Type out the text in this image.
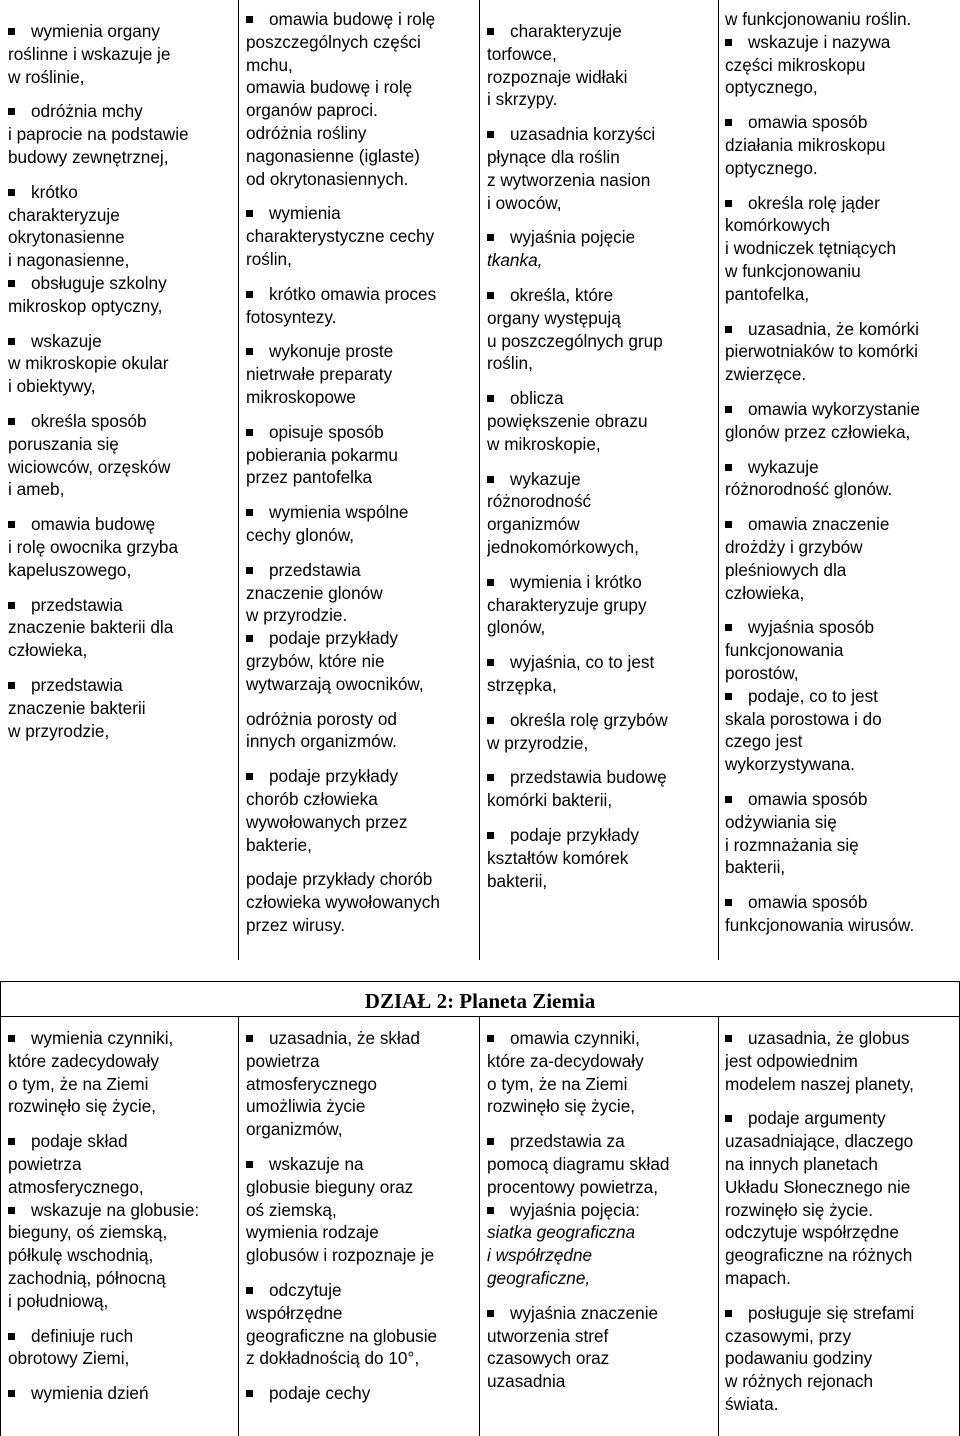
wymienia organy
roślinne i wskazuje je
w roślinie,
odróżnia mchy
i paprocie na podstawie
budowy zewnętrznej,
krótko
charakteryzuje
okrytonasienne
i nagonasienne,
obsługuje szkolny
mikroskop optyczny,
wskazuje
w mikroskopie okular
i obiektywy,
określa sposób
poruszania się
wiciowców, orzęsków
i ameb,
omawia budowę
i rolę owocnika grzyba
kapeluszowego,
przedstawia
znaczenie bakterii dla
człowieka,
przedstawia
znaczenie bakterii
w przyrodzie,
omawia budowę i rolę
poszczególnych części
mchu,
omawia budowę i rolę
organów paproci.
odróżnia rośliny
nagonasienne (iglaste)
od okrytonasiennych.
wymienia
charakterystyczne cechy
roślin,
krótko omawia proces
fotosyntezy.
wykonuje proste
nietrwałe preparaty
mikroskopowe
opisuje sposób
pobierania pokarmu
przez pantofelka
wymienia wspólne
cechy glonów,
przedstawia
znaczenie glonów
w przyrodzie.
podaje przykłady
grzybów, które nie
wytwarzają owocników,
odróżnia porosty od
innych organizmów.
podaje przykłady
chorób człowieka
wywołowanych przez
bakterie,
podaje przykłady chorób
człowieka wywołowanych
przez wirusy.
charakteryzuje
torfowce,
rozpoznaje widłaki
i skrzypy.
uzasadnia korzyści
płynące dla roślin
z wytworzenia nasion
i owoców,
wyjaśnia pojęcie
tkanka,
określa, które
organy występują
u poszczególnych grup
roślin,
oblicza
powiększenie obrazu
w mikroskopie,
wykazuje
różnorodność
organizmów
jednokomórkowych,
wymienia i krótko
charakteryzuje grupy
glonów,
wyjaśnia, co to jest
strzępka,
określa rolę grzybów
w przyrodzie,
przedstawia budowę
komórki bakterii,
podaje przykłady
kształtów komórek
bakterii,
w funkcjonowaniu roślin.
wskazuje i nazywa
części mikroskopu
optycznego,
omawia sposób
działania mikroskopu
optycznego.
określa rolę jąder
komórkowych
i wodniczek tętniących
w funkcjonowaniu
pantofelka,
uzasadnia, że komórki
pierwotniaków to komórki
zwierzęce.
omawia wykorzystanie
glonów przez człowieka,
wykazuje
różnorodność glonów.
omawia znaczenie
drożdży i grzybów
pleśniowych dla
człowieka,
wyjaśnia sposób
funkcjonowania
porostów,
podaje, co to jest
skala porostowa i do
czego jest
wykorzystywana.
omawia sposób
odżywiania się
i rozmnażania się
bakterii,
omawia sposób
funkcjonowania wirusów.
DZIAŁ 2: Planeta Ziemia
wymienia czynniki,
które zadecydowały
o tym, że na Ziemi
rozwinęło się życie,
podaje skład
powietrza
atmosferycznego,
wskazuje na globusie:
bieguny, oś ziemską,
półkulę wschodnią,
zachodnią, północną
i południową,
definiuje ruch
obrotowy Ziemi,
wymienia dzień
uzasadnia, że skład
powietrza
atmosferycznego
umożliwia życie
organizmów,
wskazuje na
globusie bieguny oraz
oś ziemską,
wymienia rodzaje
globusów i rozpoznaje je
odczytuje
współrzędne
geograficzne na globusie
z dokładnością do 10°,
podaje cechy
omawia czynniki,
które za-decydowały
o tym, że na Ziemi
rozwinęło się życie,
przedstawia za
pomocą diagramu skład
procentowy powietrza,
wyjaśnia pojęcia:
siatka geograficzna
i współrzędne
geograficzne,
wyjaśnia znaczenie
utworzenia stref
czasowych oraz
uzasadnia
uzasadnia, że globus
jest odpowiednim
modelem naszej planety,
podaje argumenty
uzasadniające, dlaczego
na innych planetach
Układu Słonecznego nie
rozwinęło się życie.
odczytuje współrzędne
geograficzne na różnych
mapach.
posługuje się strefami
czasowymi, przy
podawaniu godziny
w różnych rejonach
świata.
